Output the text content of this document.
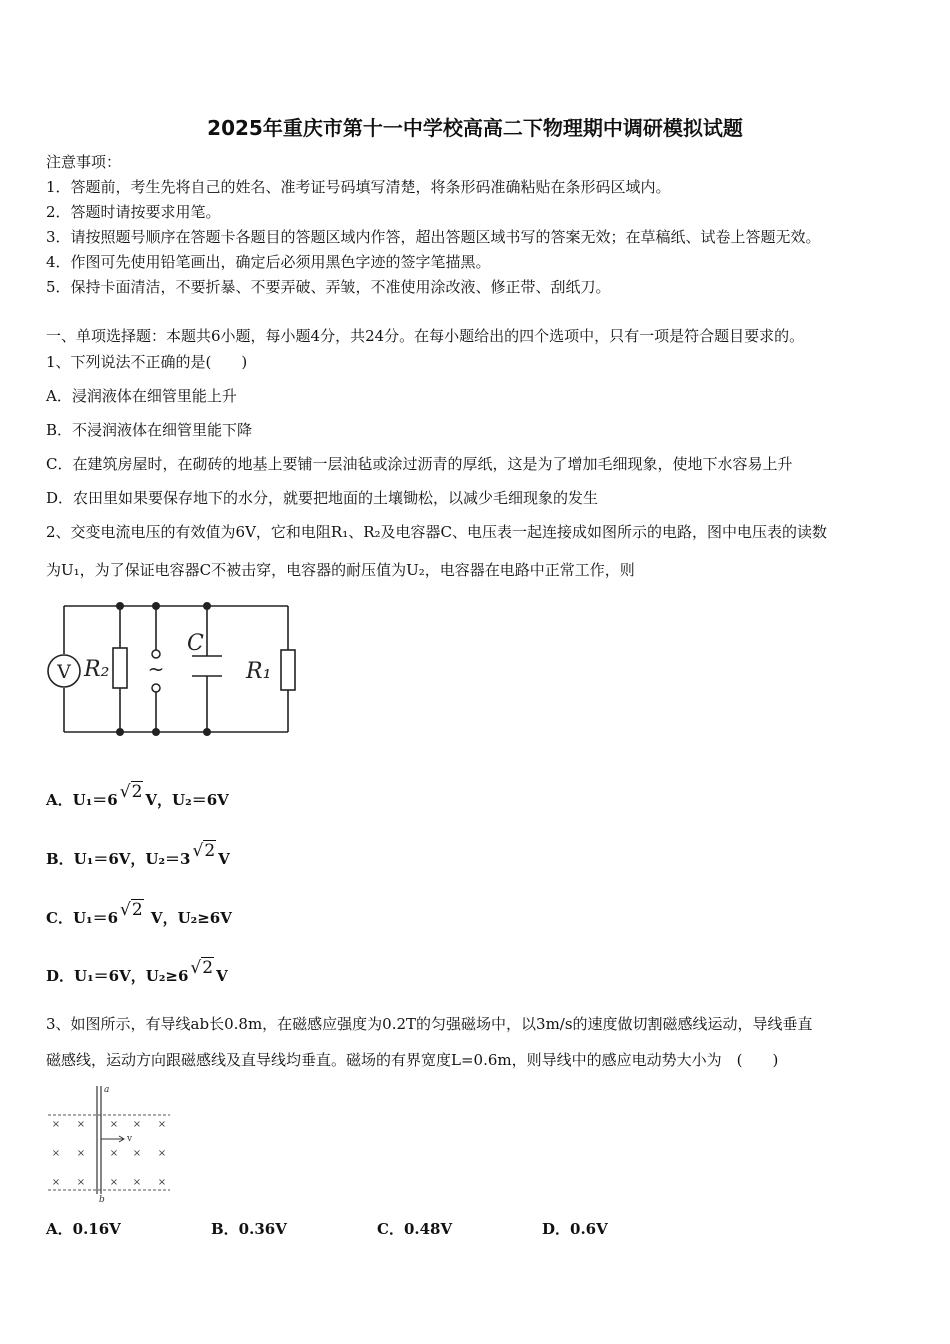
2025年重庆市第十一中学校高高二下物理期中调研模拟试题
注意事项：
1．答题前，考生先将自己的姓名、准考证号码填写清楚，将条形码准确粘贴在条形码区域内。
2．答题时请按要求用笔。
3．请按照题号顺序在答题卡各题目的答题区域内作答，超出答题区域书写的答案无效；在草稿纸、试卷上答题无效。
4．作图可先使用铅笔画出，确定后必须用黑色字迹的签字笔描黑。
5．保持卡面清洁，不要折暴、不要弄破、弄皱，不准使用涂改液、修正带、刮纸刀。
一、单项选择题：本题共6小题，每小题4分，共24分。在每小题给出的四个选项中，只有一项是符合题目要求的。
1、下列说法不正确的是(　　)
A．浸润液体在细管里能上升
B．不浸润液体在细管里能下降
C．在建筑房屋时，在砌砖的地基上要铺一层油毡或涂过沥青的厚纸，这是为了增加毛细现象，使地下水容易上升
D．农田里如果要保存地下的水分，就要把地面的土壤锄松，以减少毛细现象的发生
2、交变电流电压的有效值为6V，它和电阻R₁、R₂及电容器C、电压表一起连接成如图所示的电路，图中电压表的读数
为U₁，为了保证电容器C不被击穿，电容器的耐压值为U₂，电容器在电路中正常工作，则
V	~
R₂
C
R₁
A．U₁＝6 √2 V，U₂＝6V
B．U₁＝6V，U₂＝3 √2 V
C．U₁＝6 √2 V，U₂≥6V
D．U₁＝6V，U₂≥6 √2 V
3、如图所示，有导线ab长0.8m，在磁感应强度为0.2T的匀强磁场中，以3m/s的速度做切割磁感线运动，导线垂直
磁感线，运动方向跟磁感线及直导线均垂直。磁场的有界宽度L=0.6m，则导线中的感应电动势大小为　(　　)
a
b
v
× × × × ×
× × × × ×
× × × × ×
A．0.16V	B．0.36V	C．0.48V	D．0.6V
